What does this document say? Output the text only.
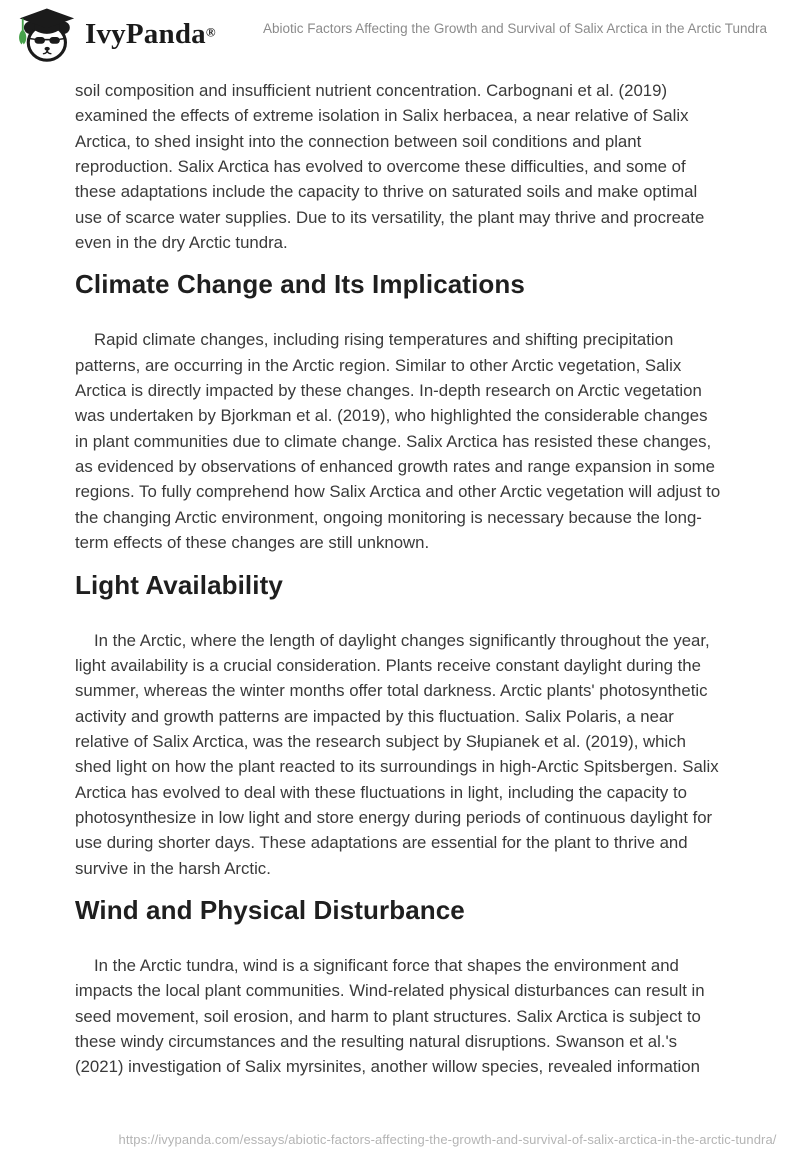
IvyPanda®	Abiotic Factors Affecting the Growth and Survival of Salix Arctica in the Arctic Tundra

soil composition and insufficient nutrient concentration. Carbognani et al. (2019) examined the effects of extreme isolation in Salix herbacea, a near relative of Salix Arctica, to shed insight into the connection between soil conditions and plant reproduction. Salix Arctica has evolved to overcome these difficulties, and some of these adaptations include the capacity to thrive on saturated soils and make optimal use of scarce water supplies. Due to its versatility, the plant may thrive and procreate even in the dry Arctic tundra.

Climate Change and Its Implications

Rapid climate changes, including rising temperatures and shifting precipitation patterns, are occurring in the Arctic region. Similar to other Arctic vegetation, Salix Arctica is directly impacted by these changes. In-depth research on Arctic vegetation was undertaken by Bjorkman et al. (2019), who highlighted the considerable changes in plant communities due to climate change. Salix Arctica has resisted these changes, as evidenced by observations of enhanced growth rates and range expansion in some regions. To fully comprehend how Salix Arctica and other Arctic vegetation will adjust to the changing Arctic environment, ongoing monitoring is necessary because the long-term effects of these changes are still unknown.

Light Availability

In the Arctic, where the length of daylight changes significantly throughout the year, light availability is a crucial consideration. Plants receive constant daylight during the summer, whereas the winter months offer total darkness. Arctic plants' photosynthetic activity and growth patterns are impacted by this fluctuation. Salix Polaris, a near relative of Salix Arctica, was the research subject by Słupianek et al. (2019), which shed light on how the plant reacted to its surroundings in high-Arctic Spitsbergen. Salix Arctica has evolved to deal with these fluctuations in light, including the capacity to photosynthesize in low light and store energy during periods of continuous daylight for use during shorter days. These adaptations are essential for the plant to thrive and survive in the harsh Arctic.

Wind and Physical Disturbance

In the Arctic tundra, wind is a significant force that shapes the environment and impacts the local plant communities. Wind-related physical disturbances can result in seed movement, soil erosion, and harm to plant structures. Salix Arctica is subject to these windy circumstances and the resulting natural disruptions. Swanson et al.'s (2021) investigation of Salix myrsinites, another willow species, revealed information

https://ivypanda.com/essays/abiotic-factors-affecting-the-growth-and-survival-of-salix-arctica-in-the-arctic-tundra/
